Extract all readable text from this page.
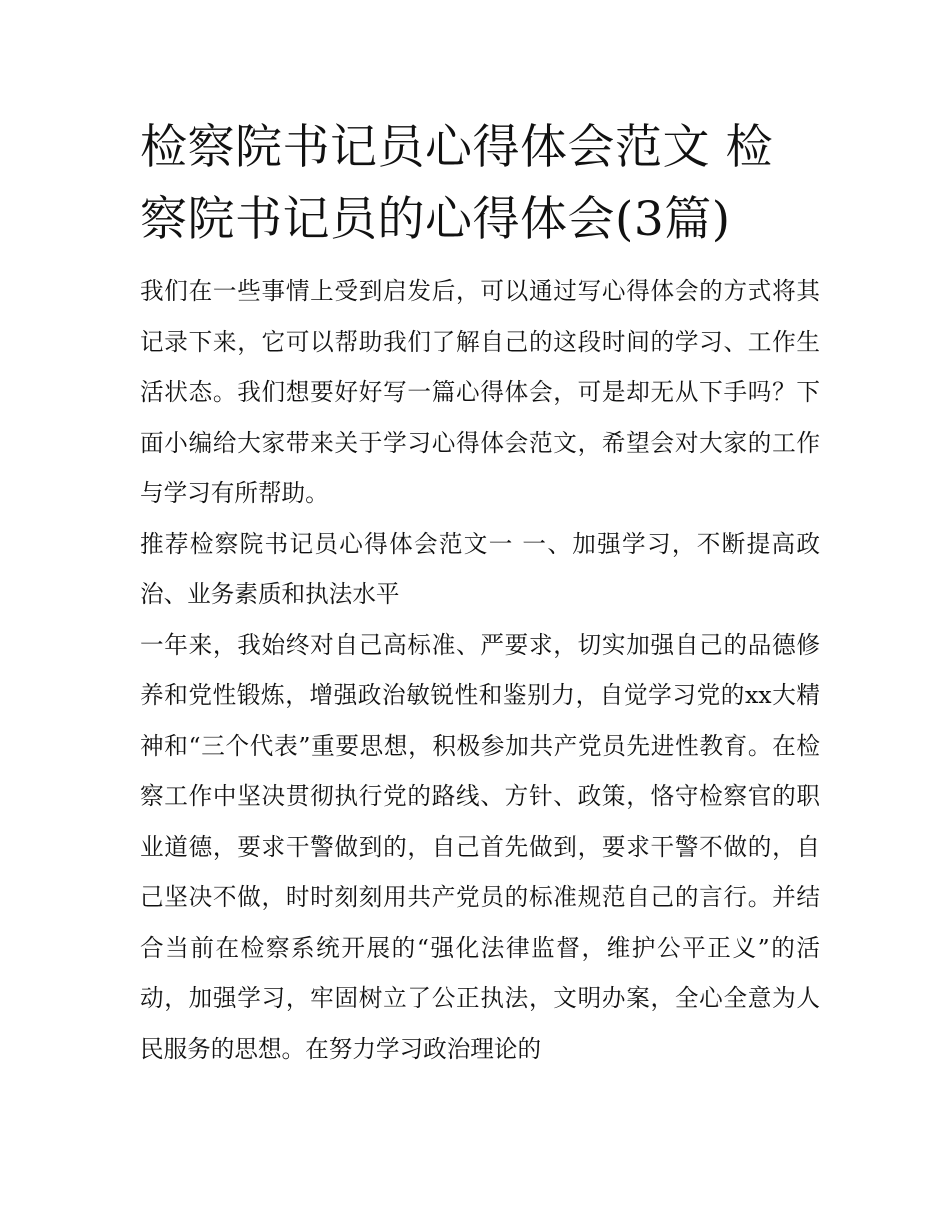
检察院书记员心得体会范文 检察院书记员的心得体会(3篇)

我们在一些事情上受到启发后，可以通过写心得体会的方式将其记录下来，它可以帮助我们了解自己的这段时间的学习、工作生活状态。我们想要好好写一篇心得体会，可是却无从下手吗？下面小编给大家带来关于学习心得体会范文，希望会对大家的工作与学习有所帮助。

推荐检察院书记员心得体会范文一 一、加强学习，不断提高政治、业务素质和执法水平

一年来，我始终对自己高标准、严要求，切实加强自己的品德修养和党性锻炼，增强政治敏锐性和鉴别力，自觉学习党的xx大精神和“三个代表”重要思想，积极参加共产党员先进性教育。在检察工作中坚决贯彻执行党的路线、方针、政策，恪守检察官的职业道德，要求干警做到的，自己首先做到，要求干警不做的，自己坚决不做，时时刻刻用共产党员的标准规范自己的言行。并结合当前在检察系统开展的“强化法律监督，维护公平正义”的活动，加强学习，牢固树立了公正执法，文明办案，全心全意为人民服务的思想。在努力学习政治理论的
